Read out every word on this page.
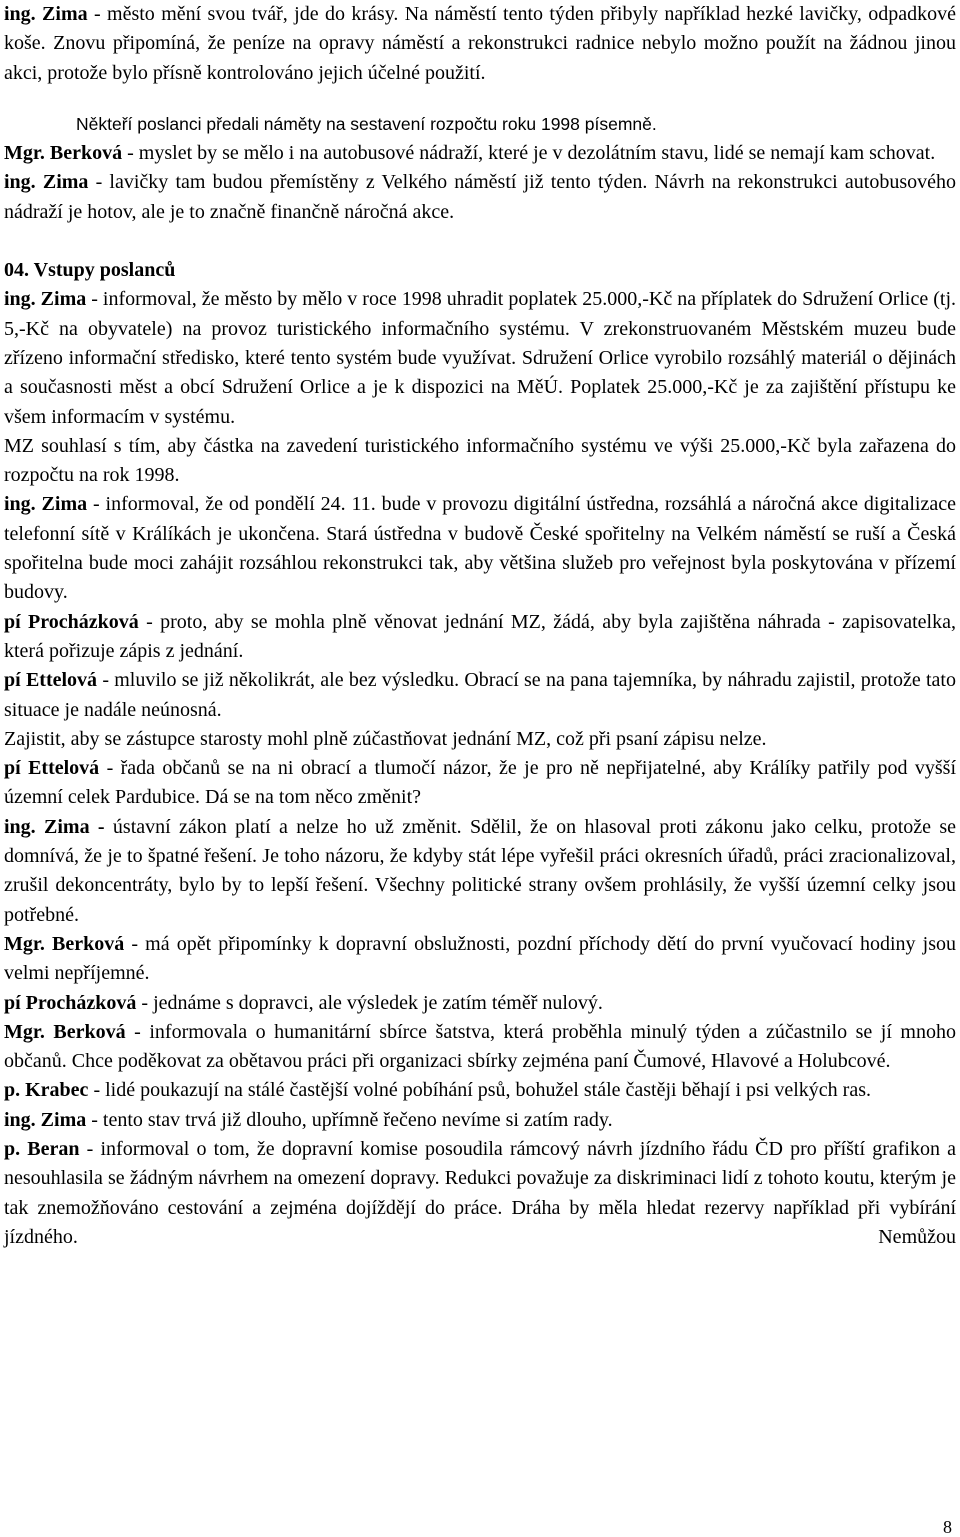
ing. Zima - město mění svou tvář, jde do krásy. Na náměstí tento týden přibyly například hezké lavičky, odpadkové koše. Znovu připomíná, že peníze na opravy náměstí a rekonstrukci radnice nebylo možno použít na žádnou jinou akci, protože bylo přísně kontrolováno jejich účelné použití.

Někteří poslanci předali náměty na sestavení rozpočtu roku 1998 písemně.

Mgr. Berková - myslet by se mělo i na autobusové nádraží, které je v dezolátním stavu, lidé se nemají kam schovat.

ing. Zima - lavičky tam budou přemístěny z Velkého náměstí již tento týden. Návrh na rekonstrukci autobusového nádraží je hotov, ale je to značně finančně náročná akce.

04. Vstupy poslanců

ing. Zima - informoval, že město by mělo v roce 1998 uhradit poplatek 25.000,-Kč na příplatek do Sdružení Orlice (tj. 5,-Kč na obyvatele) na provoz turistického informačního systému. V zrekonstruovaném Městském muzeu bude zřízeno informační středisko, které tento systém bude využívat. Sdružení Orlice vyrobilo rozsáhlý materiál o dějinách a současnosti měst a obcí Sdružení Orlice a je k dispozici na MěÚ. Poplatek 25.000,-Kč je za zajištění přístupu ke všem informacím v systému.

MZ souhlasí s tím, aby částka na zavedení turistického informačního systému ve výši 25.000,-Kč byla zařazena do rozpočtu na rok 1998.

ing. Zima - informoval, že od pondělí 24. 11. bude v provozu digitální ústředna, rozsáhlá a náročná akce digitalizace telefonní sítě v Králíkách je ukončena. Stará ústředna v budově České spořitelny na Velkém náměstí se ruší a Česká spořitelna bude moci zahájit rozsáhlou rekonstrukci tak, aby většina služeb pro veřejnost byla poskytována v přízemí budovy.

pí Procházková - proto, aby se mohla plně věnovat jednání MZ, žádá, aby byla zajištěna náhrada - zapisovatelka, která pořizuje zápis z jednání.

pí Ettelová - mluvilo se již několikrát, ale bez výsledku. Obrací se na pana tajemníka, by náhradu zajistil, protože tato situace je nadále neúnosná.

Zajistit, aby se zástupce starosty mohl plně zúčastňovat jednání MZ, což při psaní zápisu nelze.

pí Ettelová - řada občanů se na ni obrací a tlumočí názor, že je pro ně nepřijatelné, aby Králíky patřily pod vyšší územní celek Pardubice. Dá se na tom něco změnit?

ing. Zima - ústavní zákon platí a nelze ho už změnit. Sdělil, že on hlasoval proti zákonu jako celku, protože se domnívá, že je to špatné řešení. Je toho názoru, že kdyby stát lépe vyřešil práci okresních úřadů, práci zracionalizoval, zrušil dekoncentráty, bylo by to lepší řešení. Všechny politické strany ovšem prohlásily, že vyšší územní celky jsou potřebné.

Mgr. Berková - má opět připomínky k dopravní obslužnosti, pozdní příchody dětí do první vyučovací hodiny jsou velmi nepříjemné.

pí Procházková - jednáme s dopravci, ale výsledek je zatím téměř nulový.

Mgr. Berková - informovala o humanitární sbírce šatstva, která proběhla minulý týden a zúčastnilo se jí mnoho občanů. Chce poděkovat za obětavou práci při organizaci sbírky zejména paní Čumové, Hlavové a Holubcové.

p. Krabec - lidé poukazují na stálé častější volné pobíhání psů, bohužel stále častěji běhají i psi velkých ras.

ing. Zima - tento stav trvá již dlouho, upřímně řečeno nevíme si zatím rady.

p. Beran - informoval o tom, že dopravní komise posoudila rámcový návrh jízdního řádu ČD pro příští grafikon a nesouhlasila se žádným návrhem na omezení dopravy. Redukci považuje za diskriminaci lidí z tohoto koutu, kterým je tak znemožňováno cestování a zejména dojíždějí do práce. Dráha by měla hledat rezervy například při vybírání jízdného. Nemůžou

8
